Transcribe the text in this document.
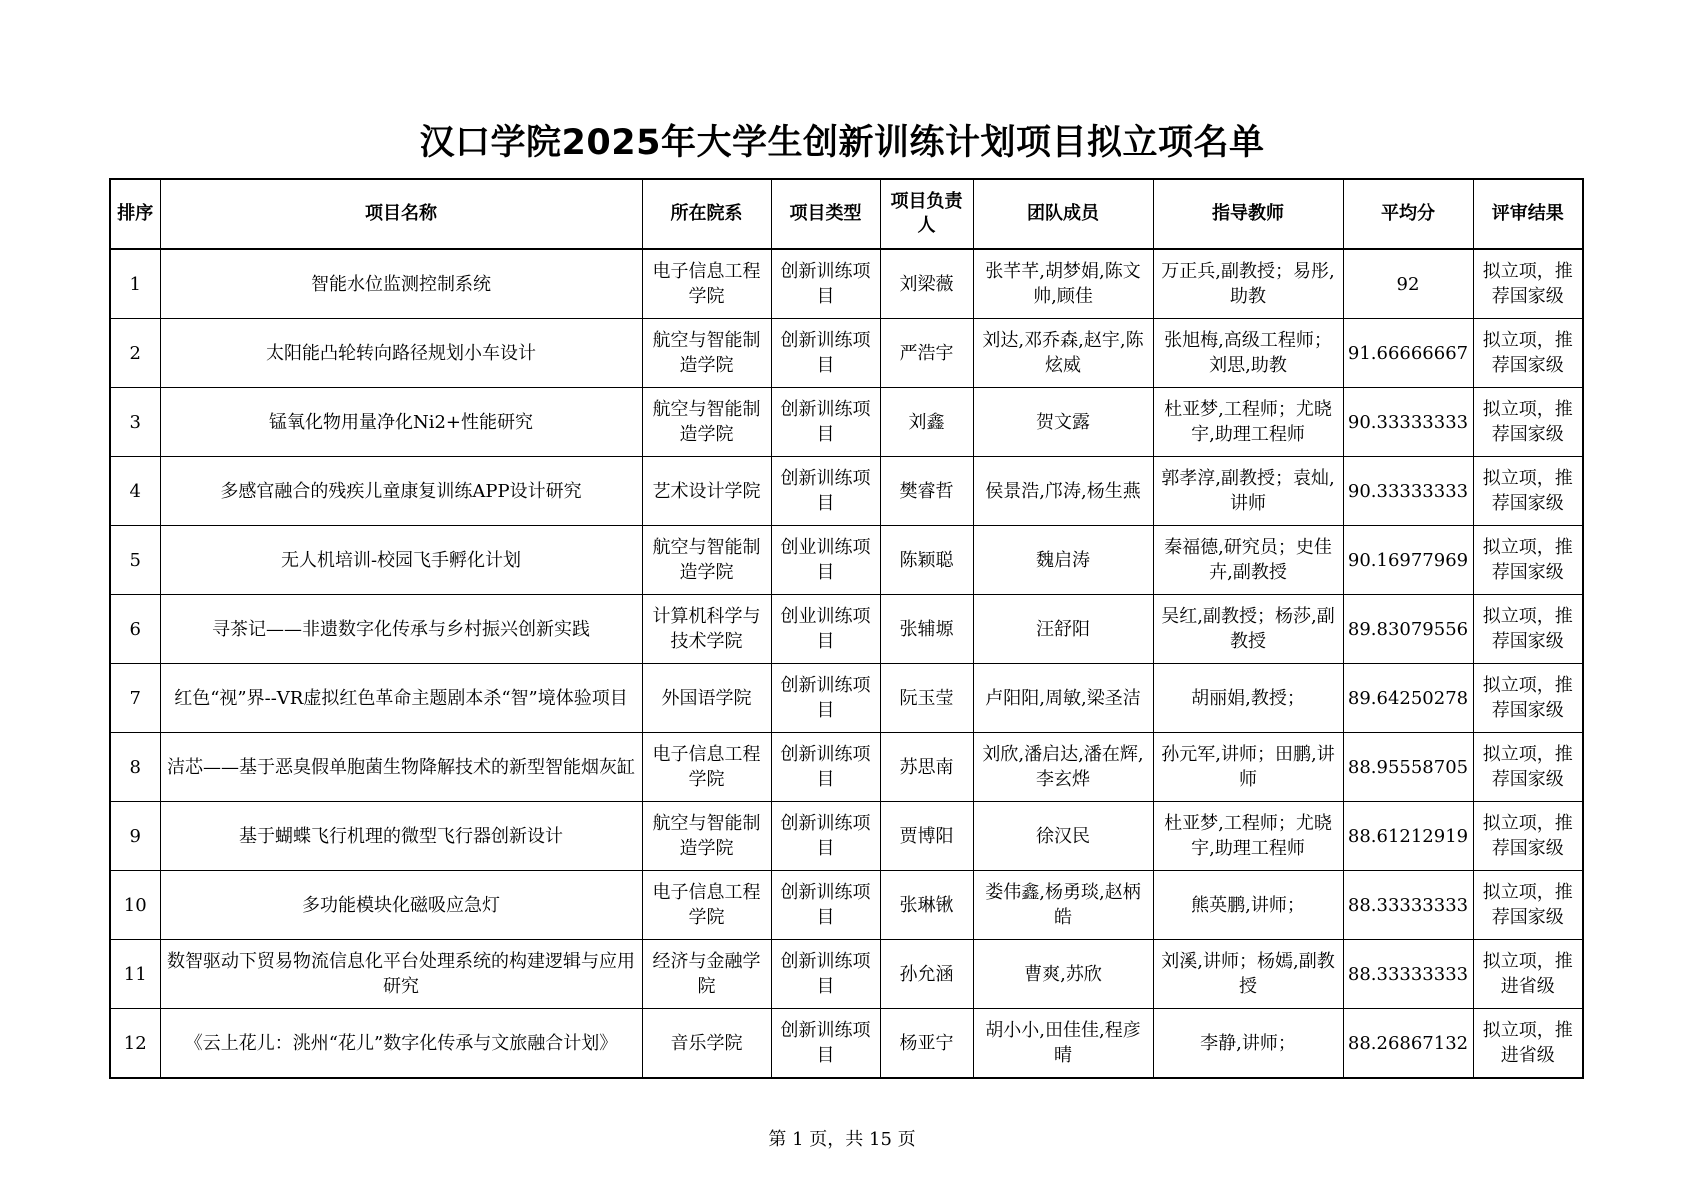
汉口学院2025年大学生创新训练计划项目拟立项名单
排序	项目名称	所在院系	项目类型	项目负责人	团队成员	指导教师	平均分	评审结果
1	智能水位监测控制系统	电子信息工程学院	创新训练项目	刘梁薇	张芊芊,胡梦娟,陈文帅,顾佳	万正兵,副教授；易彤,助教	92	拟立项，推荐国家级
2	太阳能凸轮转向路径规划小车设计	航空与智能制造学院	创新训练项目	严浩宇	刘达,邓乔森,赵宇,陈炫威	张旭梅,高级工程师；刘思,助教	91.66666667	拟立项，推荐国家级
3	锰氧化物用量净化Ni2+性能研究	航空与智能制造学院	创新训练项目	刘鑫	贺文露	杜亚梦,工程师；尤晓宇,助理工程师	90.33333333	拟立项，推荐国家级
4	多感官融合的残疾儿童康复训练APP设计研究	艺术设计学院	创新训练项目	樊睿哲	侯景浩,邝涛,杨生燕	郭孝淳,副教授；袁灿,讲师	90.33333333	拟立项，推荐国家级
5	无人机培训-校园飞手孵化计划	航空与智能制造学院	创业训练项目	陈颖聪	魏启涛	秦福德,研究员；史佳卉,副教授	90.16977969	拟立项，推荐国家级
6	寻茶记——非遗数字化传承与乡村振兴创新实践	计算机科学与技术学院	创业训练项目	张辅塬	汪舒阳	吴红,副教授；杨莎,副教授	89.83079556	拟立项，推荐国家级
7	红色“视”界--VR虚拟红色革命主题剧本杀“智”境体验项目	外国语学院	创新训练项目	阮玉莹	卢阳阳,周敏,梁圣洁	胡丽娟,教授；	89.64250278	拟立项，推荐国家级
8	洁芯——基于恶臭假单胞菌生物降解技术的新型智能烟灰缸	电子信息工程学院	创新训练项目	苏思南	刘欣,潘启达,潘在辉,李玄烨	孙元军,讲师；田鹏,讲师	88.95558705	拟立项，推荐国家级
9	基于蝴蝶飞行机理的微型飞行器创新设计	航空与智能制造学院	创新训练项目	贾博阳	徐汉民	杜亚梦,工程师；尤晓宇,助理工程师	88.61212919	拟立项，推荐国家级
10	多功能模块化磁吸应急灯	电子信息工程学院	创新训练项目	张琳锹	娄伟鑫,杨勇琰,赵柄皓	熊英鹏,讲师；	88.33333333	拟立项，推荐国家级
11	数智驱动下贸易物流信息化平台处理系统的构建逻辑与应用研究	经济与金融学院	创新训练项目	孙允涵	曹爽,苏欣	刘溪,讲师；杨嫣,副教授	88.33333333	拟立项，推进省级
12	《云上花儿：洮州“花儿”数字化传承与文旅融合计划》	音乐学院	创新训练项目	杨亚宁	胡小小,田佳佳,程彦晴	李静,讲师；	88.26867132	拟立项，推进省级
第 1 页，共 15 页
